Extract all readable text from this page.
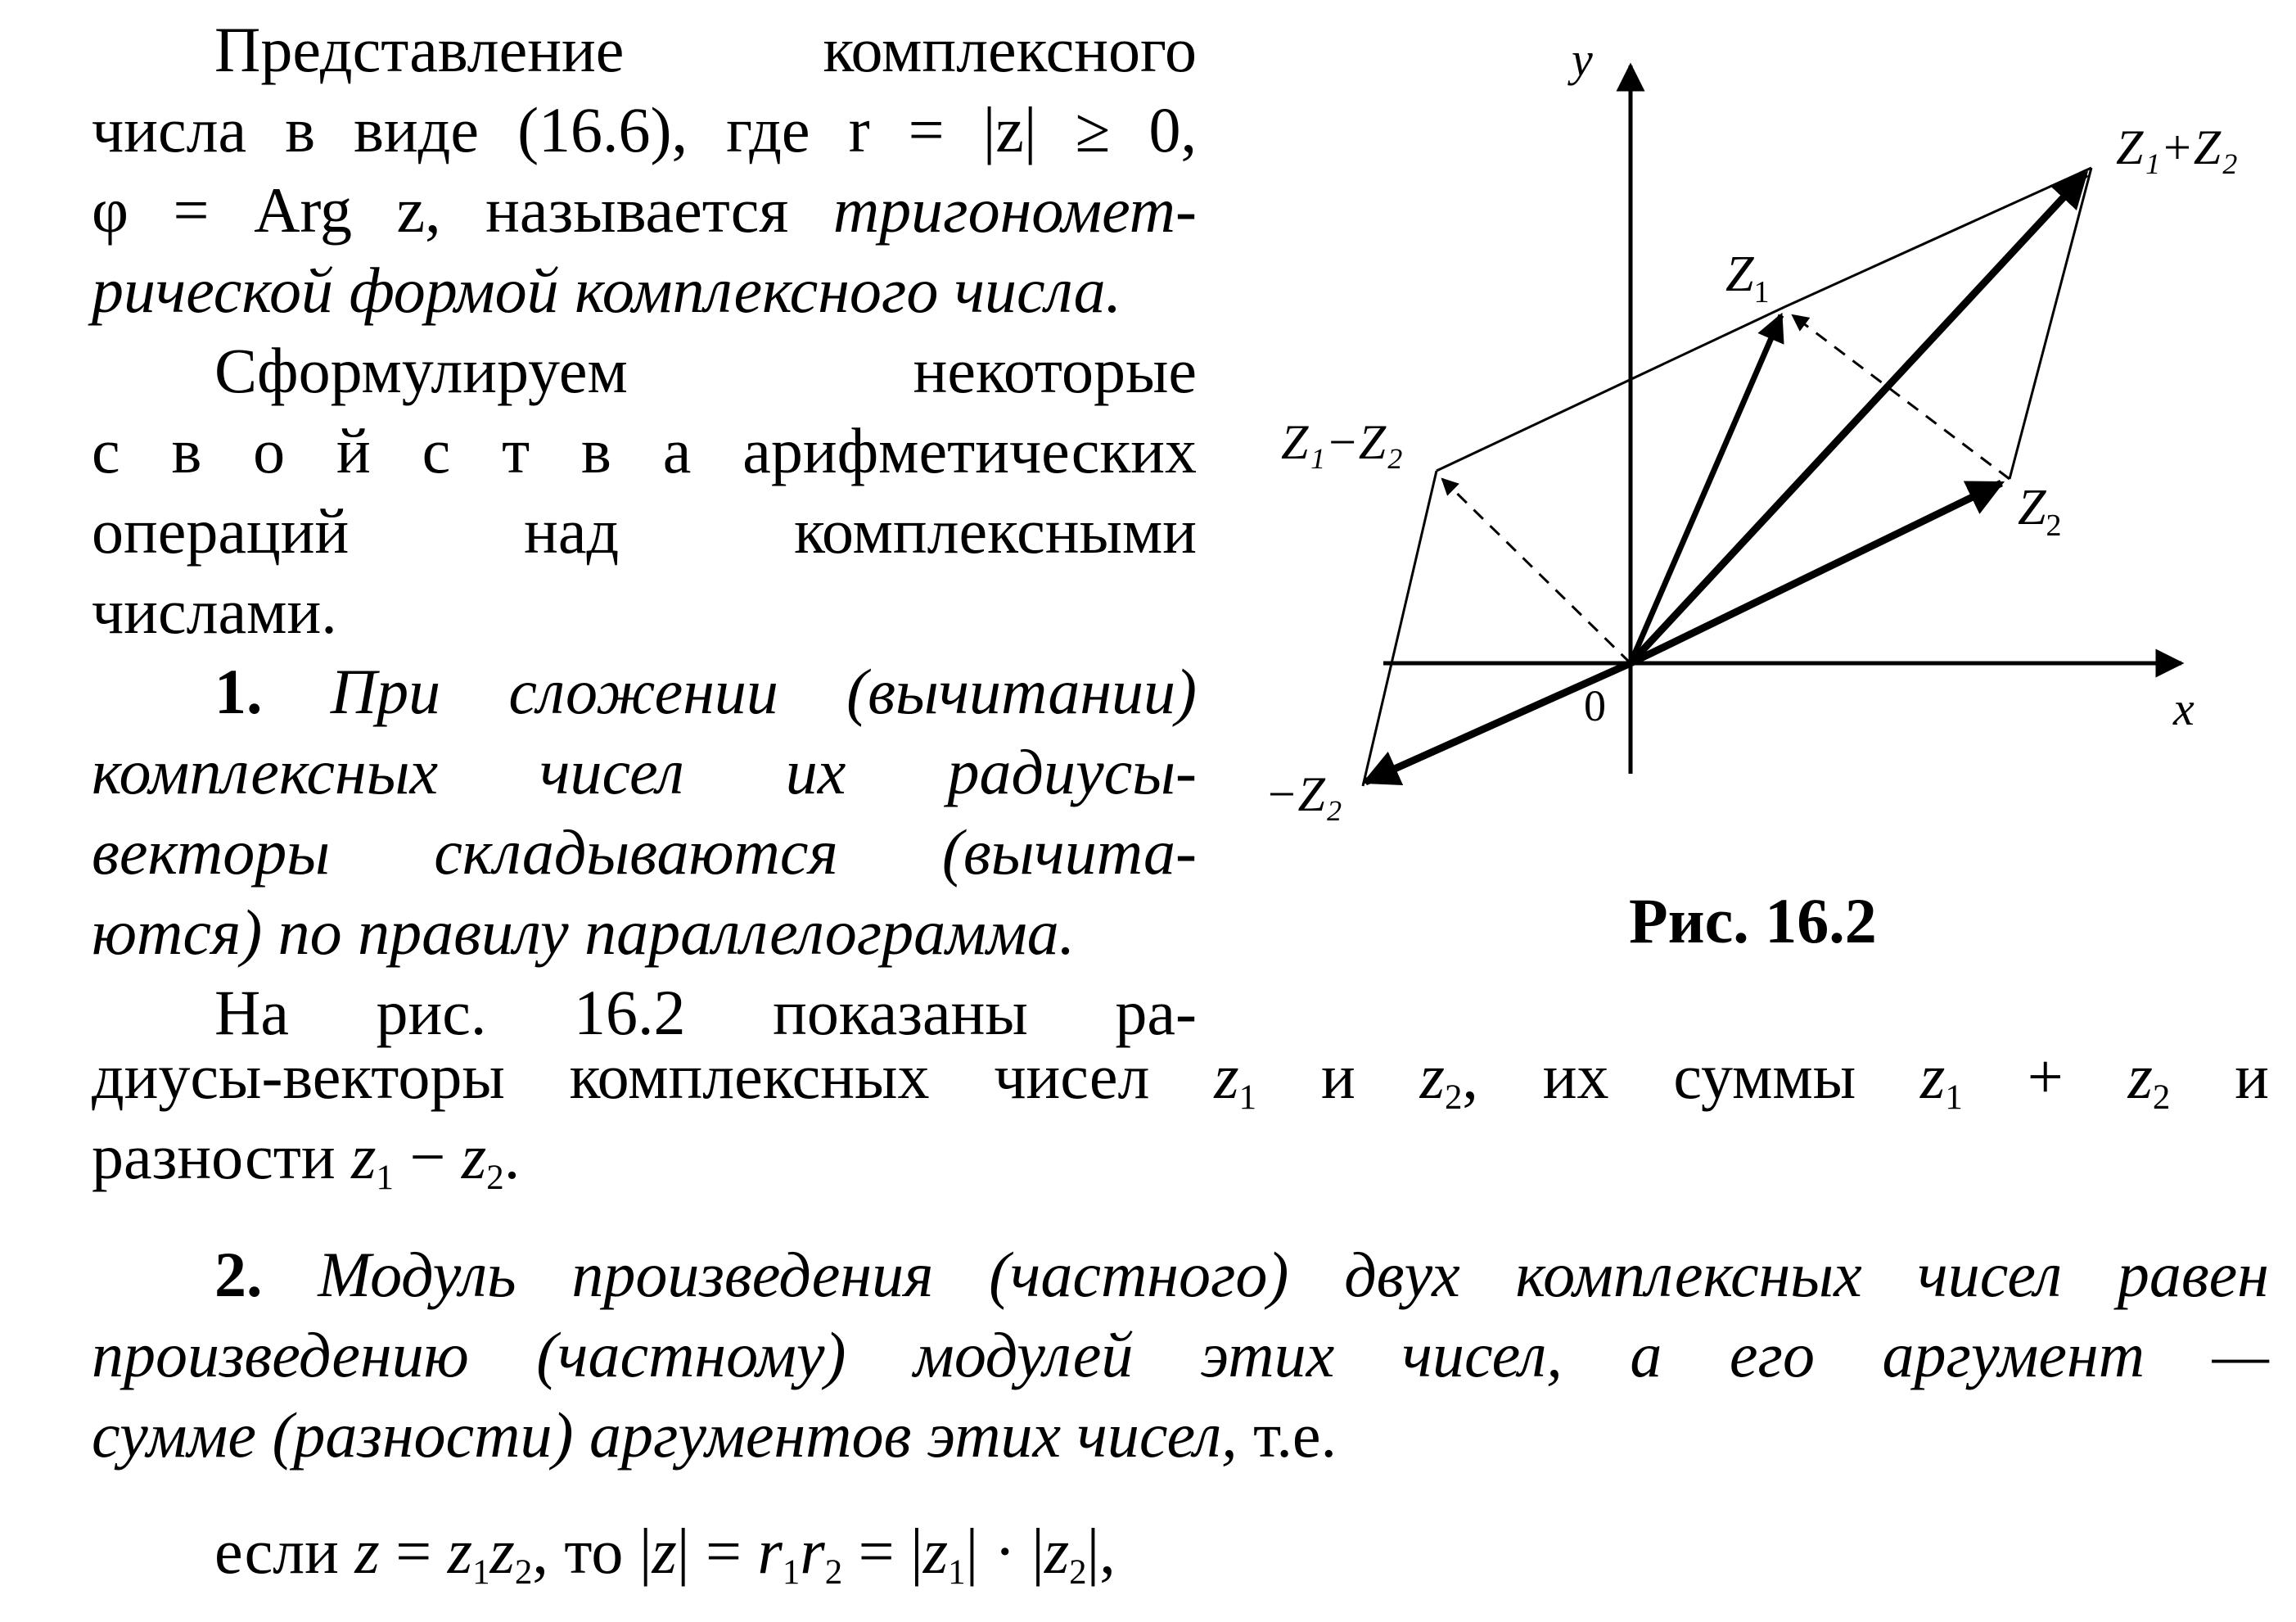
Представление комплексного
числа в виде (16.6), где r = |z| ≥ 0,
φ = Arg z, называется тригономет-
рической формой комплексного числа.
Сформулируем некоторые
с в о й с т в а арифметических
операций над комплексными
числами.
1. При сложении (вычитании)
комплексных чисел их радиусы-
векторы складываются (вычита-
ются) по правилу параллелограмма.
На рис. 16.2 показаны ра-
диусы-векторы комплексных чисел $z_1$ и $z_2$, их суммы $z_1 + z_2$ и
разности $z_1 - z_2$.
2. Модуль произведения (частного) двух комплексных чисел равен
произведению (частному) модулей этих чисел, а его аргумент —
сумме (разности) аргументов этих чисел, т.е.
если $z = z_1z_2$, то $|z| = r_1r_2 = |z_1| \cdot |z_2|$,
y
x
0
$Z_1$
$Z_2$
Z₁+Z₂
Z₁−Z₂
−Z₂
Рис. 16.2
